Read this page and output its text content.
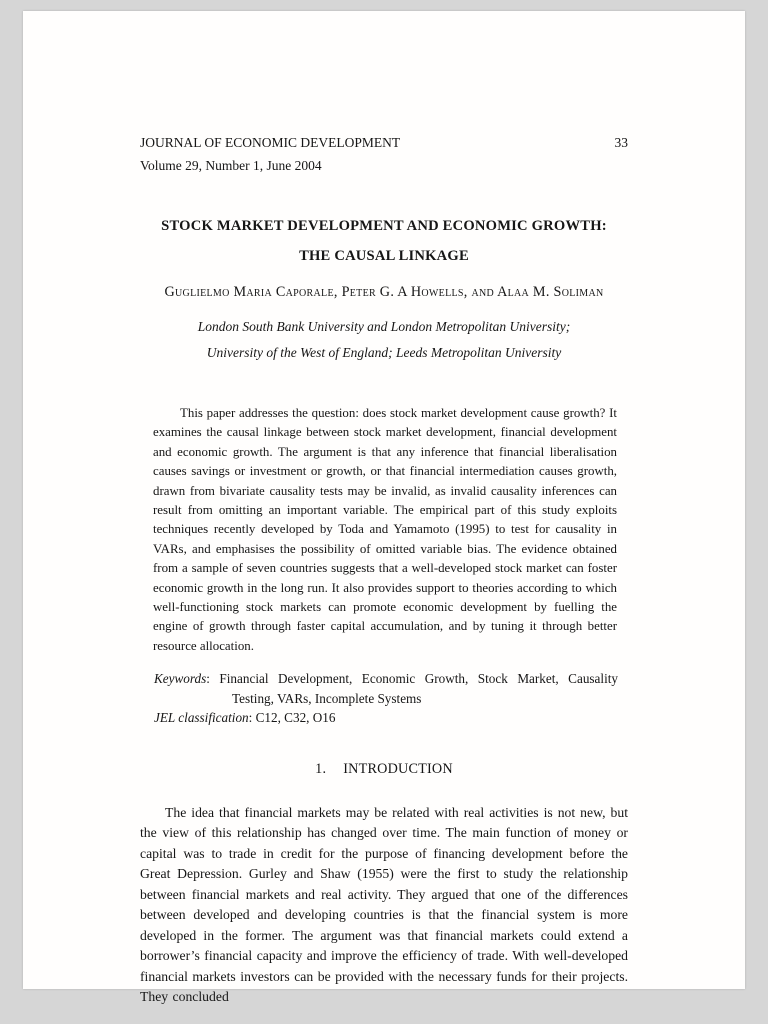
JOURNAL OF ECONOMIC DEVELOPMENT	33
Volume 29, Number 1, June 2004
STOCK MARKET DEVELOPMENT AND ECONOMIC GROWTH:
THE CAUSAL LINKAGE
Guglielmo Maria Caporale, Peter G. A Howells, and Alaa M. Soliman
London South Bank University and London Metropolitan University;
University of the West of England; Leeds Metropolitan University

This paper addresses the question: does stock market development cause growth? It examines the causal linkage between stock market development, financial development and economic growth. The argument is that any inference that financial liberalisation causes savings or investment or growth, or that financial intermediation causes growth, drawn from bivariate causality tests may be invalid, as invalid causality inferences can result from omitting an important variable. The empirical part of this study exploits techniques recently developed by Toda and Yamamoto (1995) to test for causality in VARs, and emphasises the possibility of omitted variable bias. The evidence obtained from a sample of seven countries suggests that a well-developed stock market can foster economic growth in the long run. It also provides support to theories according to which well-functioning stock markets can promote economic development by fuelling the engine of growth through faster capital accumulation, and by tuning it through better resource allocation.

Keywords: Financial Development, Economic Growth, Stock Market, Causality Testing, VARs, Incomplete Systems

JEL classification: C12, C32, O16

1. INTRODUCTION

The idea that financial markets may be related with real activities is not new, but the view of this relationship has changed over time. The main function of money or capital was to trade in credit for the purpose of financing development before the Great Depression. Gurley and Shaw (1955) were the first to study the relationship between financial markets and real activity. They argued that one of the differences between developed and developing countries is that the financial system is more developed in the former. The argument was that financial markets could extend a borrower’s financial capacity and improve the efficiency of trade. With well-developed financial markets investors can be provided with the necessary funds for their projects. They concluded
